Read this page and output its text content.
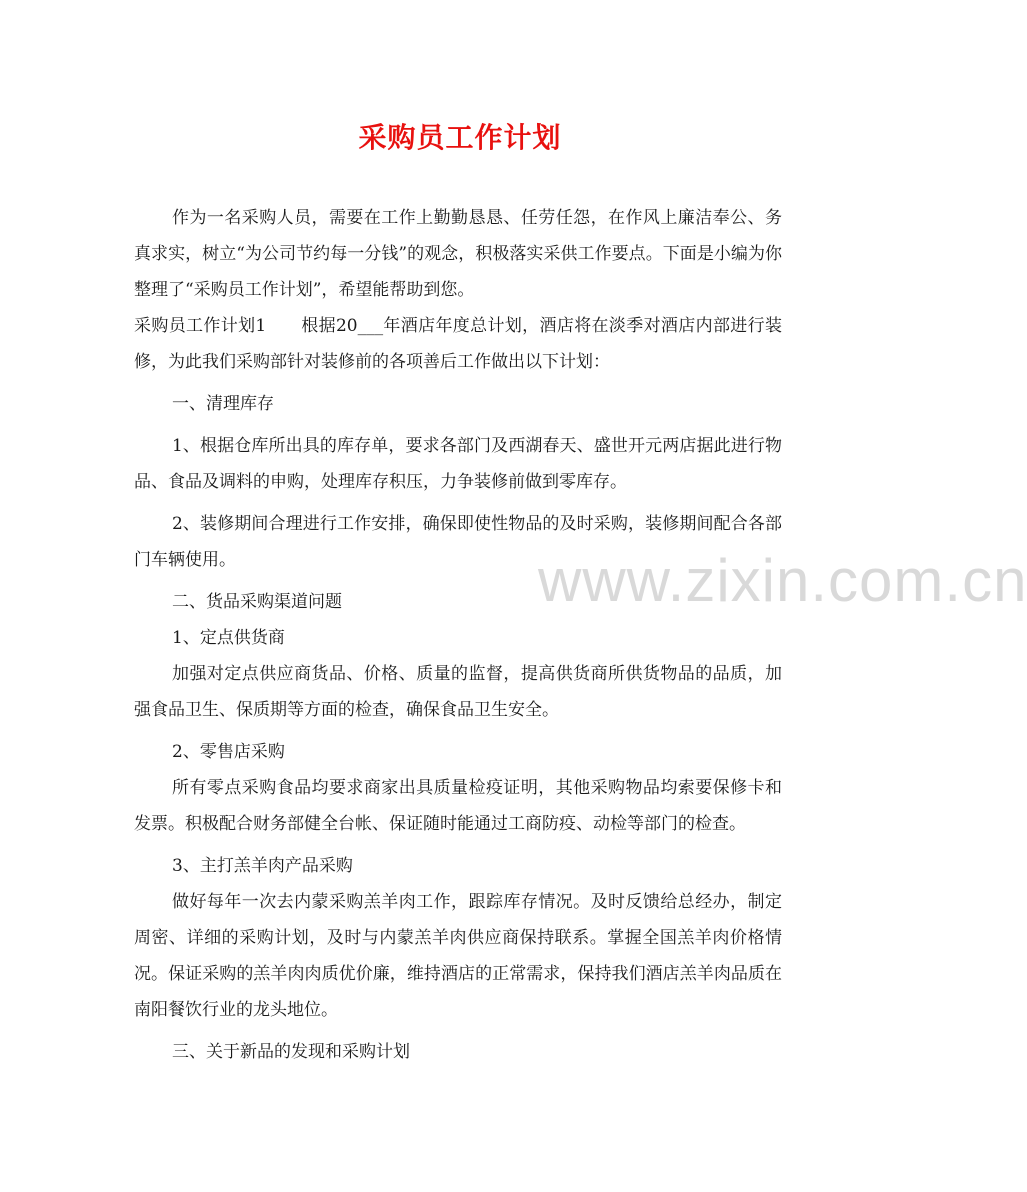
采购员工作计划
www.zixin.com.cn

作为一名采购人员，需要在工作上勤勤恳恳、任劳任怨，在作风上廉洁奉公、务真求实，树立“为公司节约每一分钱”的观念，积极落实采供工作要点。下面是小编为你整理了“采购员工作计划”，希望能帮助到您。

采购员工作计划1　　根据20___年酒店年度总计划，酒店将在淡季对酒店内部进行装修，为此我们采购部针对装修前的各项善后工作做出以下计划：

一、清理库存

1、根据仓库所出具的库存单，要求各部门及西湖春天、盛世开元两店据此进行物品、食品及调料的申购，处理库存积压，力争装修前做到零库存。

2、装修期间合理进行工作安排，确保即使性物品的及时采购，装修期间配合各部门车辆使用。

二、货品采购渠道问题

1、定点供货商

加强对定点供应商货品、价格、质量的监督，提高供货商所供货物品的品质，加强食品卫生、保质期等方面的检查，确保食品卫生安全。

2、零售店采购

所有零点采购食品均要求商家出具质量检疫证明，其他采购物品均索要保修卡和发票。积极配合财务部健全台帐、保证随时能通过工商防疫、动检等部门的检查。

3、主打羔羊肉产品采购

做好每年一次去内蒙采购羔羊肉工作，跟踪库存情况。及时反馈给总经办，制定周密、详细的采购计划，及时与内蒙羔羊肉供应商保持联系。掌握全国羔羊肉价格情况。保证采购的羔羊肉肉质优价廉，维持酒店的正常需求，保持我们酒店羔羊肉品质在南阳餐饮行业的龙头地位。

三、关于新品的发现和采购计划
